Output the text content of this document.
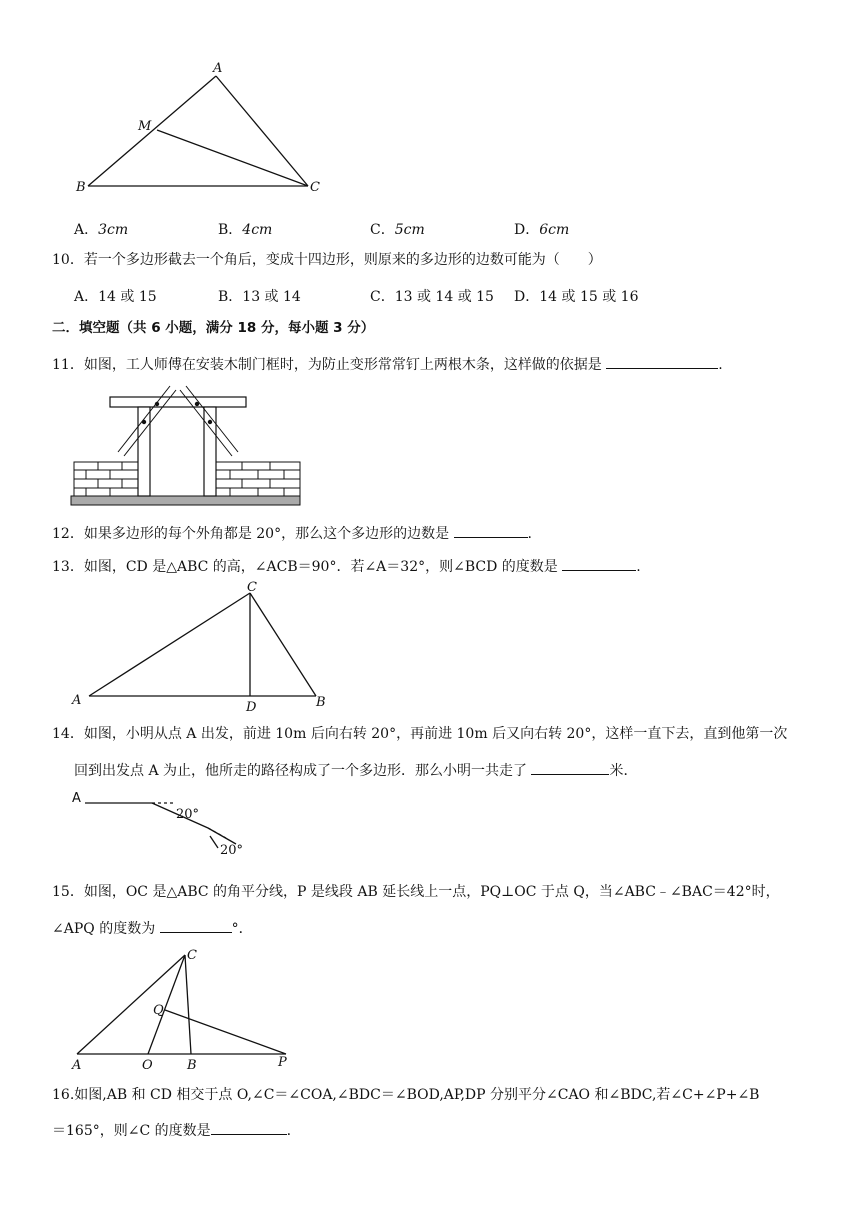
A
M
B	C
A．3cm	B．4cm	C．5cm	D．6cm
10．若一个多边形截去一个角后，变成十四边形，则原来的多边形的边数可能为（　　）
A．14 或 15	B．13 或 14	C．13 或 14 或 15 D．14 或 15 或 16
二．填空题（共 6 小题，满分 18 分，每小题 3 分）
11．如图，工人师傅在安装木制门框时，为防止变形常常钉上两根木条，这样做的依据是	.
12．如果多边形的每个外角都是 20°，那么这个多边形的边数是	.
13．如图，CD 是△ABC 的高，∠ACB＝90°．若∠A＝32°，则∠BCD 的度数是	.
C
A	D	B
14．如图，小明从点 A 出发，前进 10m 后向右转 20°，再前进 10m 后又向右转 20°，这样一直下去，直到他第一次
回到出发点 A 为止，他所走的路径构成了一个多边形．那么小明一共走了	米．
A
20°
20°
15．如图，OC 是△ABC 的角平分线，P 是线段 AB 延长线上一点，PQ⊥OC 于点 Q，当∠ABC﹣∠BAC＝42°时，
∠APQ 的度数为	°．
C
Q
A	O	B	P
16.如图,AB 和 CD 相交于点 O,∠C＝∠COA,∠BDC＝∠BOD,AP,DP 分别平分∠CAO 和∠BDC,若∠C+∠P+∠B
＝165°，则∠C 的度数是	.
